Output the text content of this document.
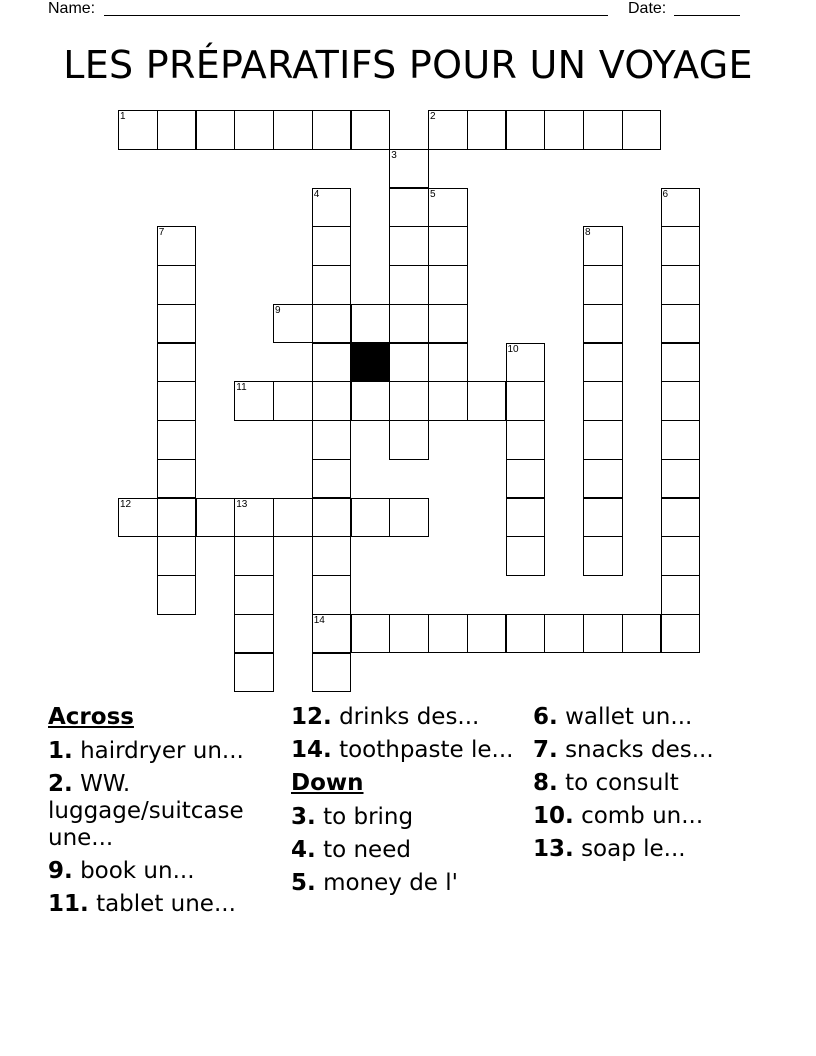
Name:	Date:
LES PRÉPARATIFS POUR UN VOYAGE
1	2
3
4
14
5	6
7	8
9
10
11
12	13
Across
1. hairdryer un...
2. WW. luggage/suitcase une...
9. book un...
11. tablet une...
12. drinks des...
14. toothpaste le...
Down
3. to bring
4. to need
5. money de l'
6. wallet un...
7. snacks des...
8. to consult
10. comb un...
13. soap le...
